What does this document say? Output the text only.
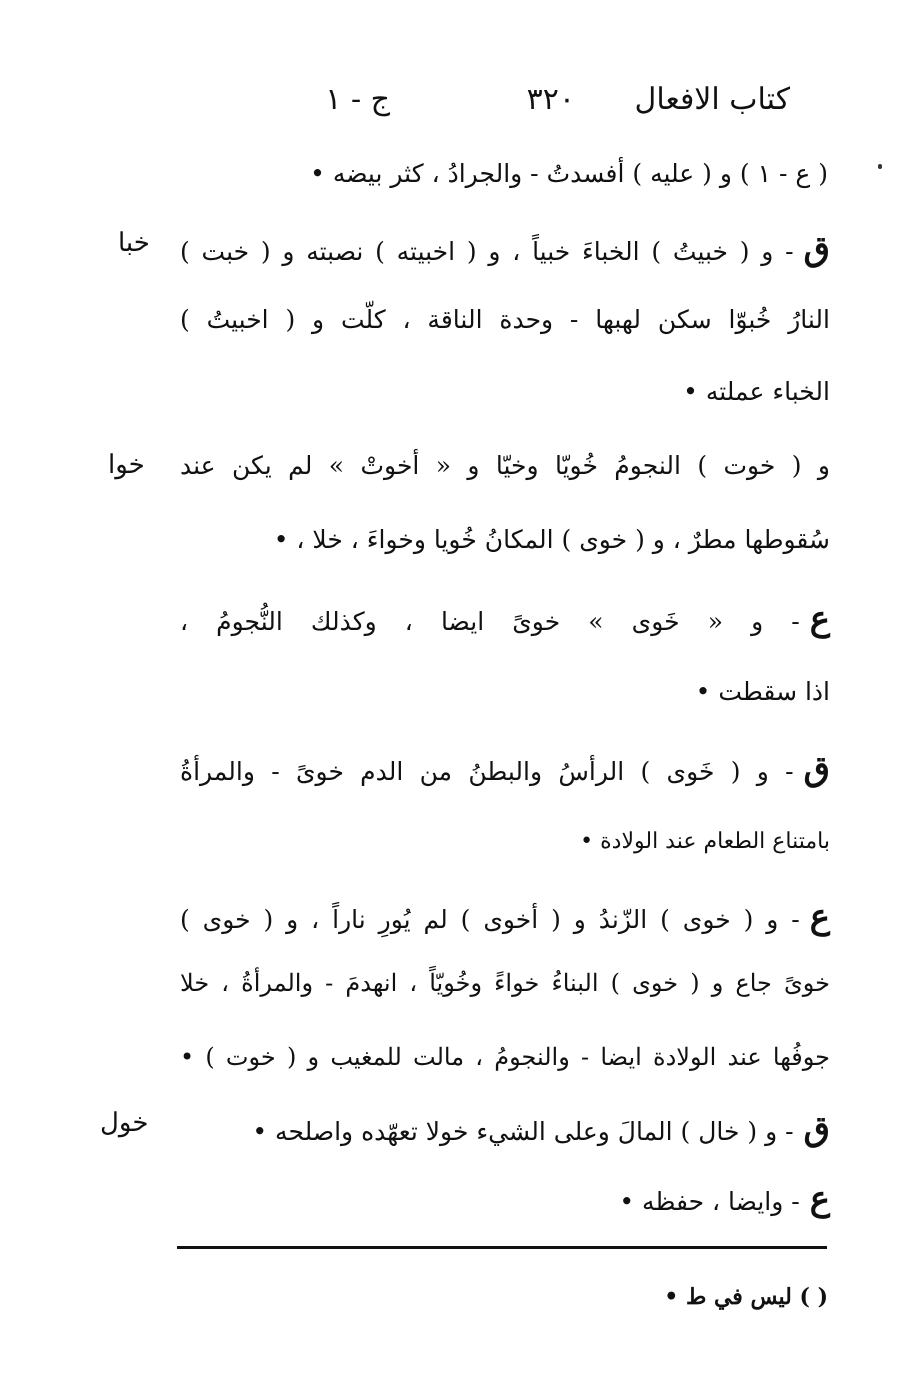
كتاب الافعال
٣٢٠
ج - ١
خبا
خوا
خول
( ع - ١ ) و ( عليه ) أفسدتُ - والجرادُ ، كثر بيضه •
ق- و ( خبيتُ ) الخباءَ خبياً ، و ( اخبيته ) نصبته و ( خبت )
النارُ خُبوّا سكن لهبها - وحدة الناقة ، كلّت و ( اخبيتُ )
الخباء عملته •
و ( خوت ) النجومُ خُويّا وخيّا و « أخوتْ » لم يكن عند
سُقوطها مطرٌ ، و ( خوى ) المكانُ خُويا وخواءَ ، خلا ، •
ع- و « خَوى » خوىً ايضا ، وكذلك النُّجومُ ،
اذا سقطت •
ق- و ( خَوى ) الرأسُ والبطنُ من الدم خوىً - والمرأةُ
بامتناع الطعام عند الولادة •
ع- و ( خوى ) الزّندُ و ( أخوى ) لم يُورِ ناراً ، و ( خوى )
خوىً جاع و ( خوى ) البناءُ خواءً وخُويّاً ، انهدمَ - والمرأةُ ، خلا
جوفُها عند الولادة ايضا - والنجومُ ، مالت للمغيب و ( خوت ) •
ق- و ( خال ) المالَ وعلى الشيء خولا تعهّده واصلحه •
ع- وايضا ، حفظه •
( ) ليس في ط •
